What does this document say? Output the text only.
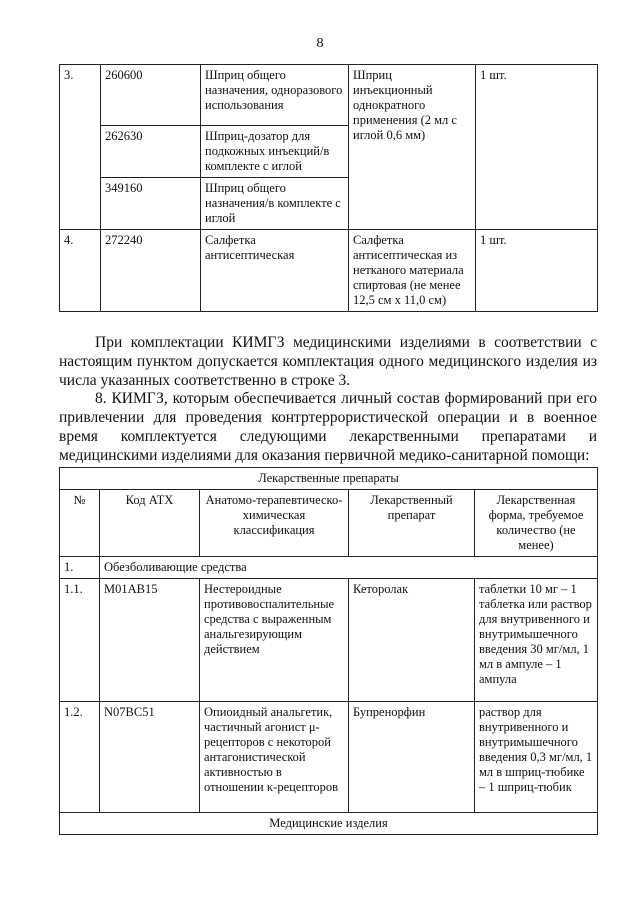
8
3.	260600	Шприц общего назначения, одноразового использования	Шприц инъекционный однократного применения (2 мл с иглой 0,6 мм)	1 шт.
	262630	Шприц-дозатор для подкожных инъекций/в комплекте с иглой		
	349160	Шприц общего назначения/в комплекте с иглой		
4.	272240	Салфетка антисептическая	Салфетка антисептическая из нетканого материала спиртовая (не менее 12,5 см х 11,0 см)	1 шт.

При комплектации КИМГЗ медицинскими изделиями в соответствии с настоящим пунктом допускается комплектация одного медицинского изделия из числа указанных соответственно в строке 3.

8. КИМГЗ, которым обеспечивается личный состав формирований при его привлечении для проведения контртеррористической операции и в военное время комплектуется следующими лекарственными препаратами и медицинскими изделиями для оказания первичной медико-санитарной помощи:

Лекарственные препараты				
№	Код АТХ	Анатомо-терапевтическо-химическая классификация	Лекарственный препарат	Лекарственная форма, требуемое количество (не менее)
1.	Обезболивающие средства			
1.1.	M01AB15	Нестероидные противовоспалительные средства с выраженным анальгезирующим действием	Кеторолак	таблетки 10 мг – 1 таблетка или раствор для внутривенного и внутримышечного введения 30 мг/мл, 1 мл в ампуле – 1 ампула
1.2.	N07BC51	Опиоидный анальгетик, частичный агонист μ-рецепторов с некоторой антагонистической активностью в отношении κ-рецепторов	Бупренорфин	раствор для внутривенного и внутримышечного введения 0,3 мг/мл, 1 мл в шприц-тюбике – 1 шприц-тюбик
Медицинские изделия				
